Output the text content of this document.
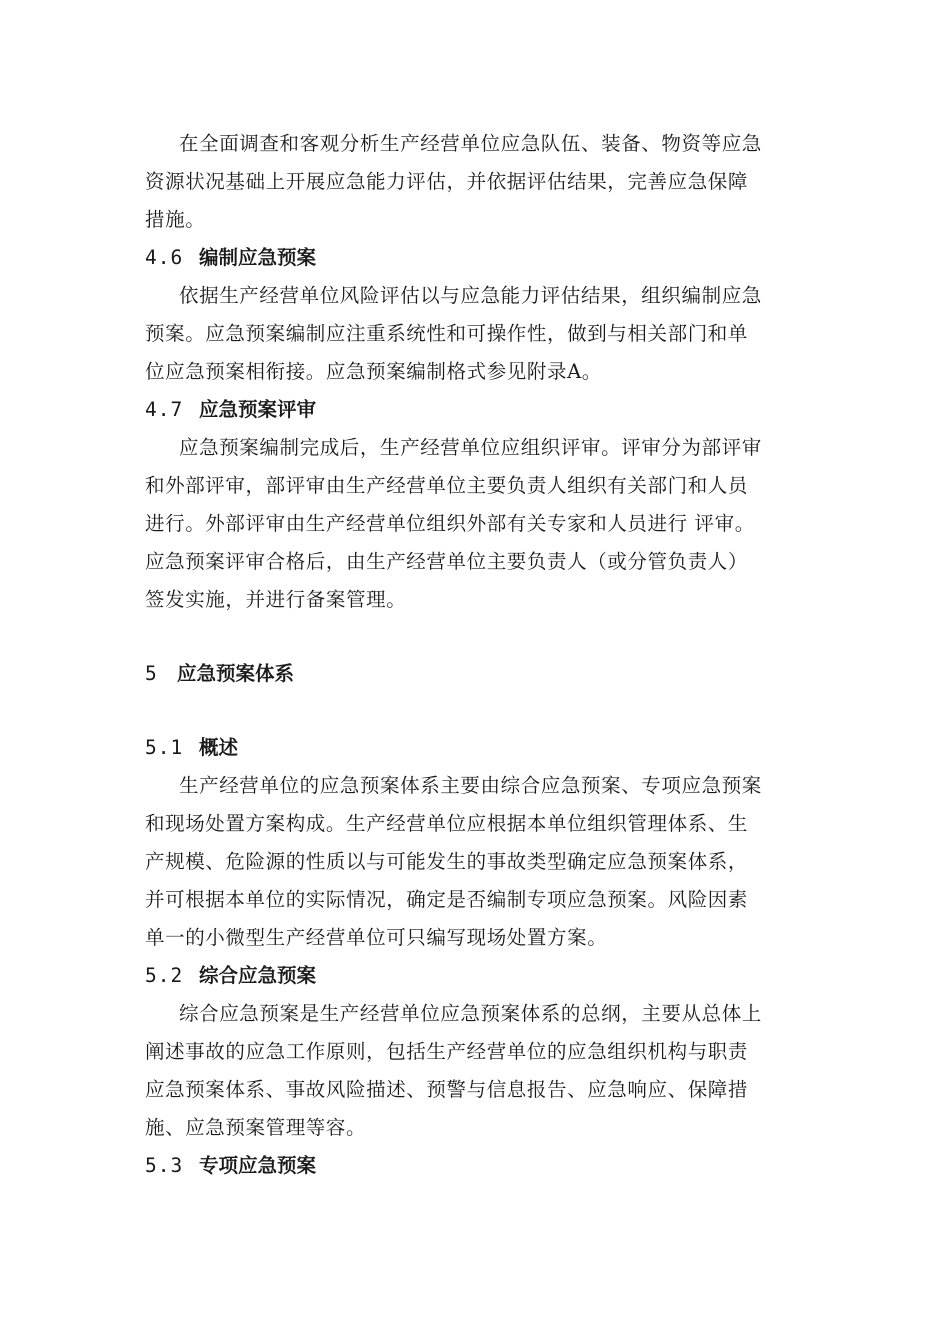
在全面调查和客观分析生产经营单位应急队伍、装备、物资等应急
资源状况基础上开展应急能力评估，并依据评估结果，完善应急保障
措施。
4.6 编制应急预案
依据生产经营单位风险评估以与应急能力评估结果，组织编制应急
预案。应急预案编制应注重系统性和可操作性，做到与相关部门和单
位应急预案相衔接。应急预案编制格式参见附录A。
4.7 应急预案评审
应急预案编制完成后，生产经营单位应组织评审。评审分为部评审
和外部评审，部评审由生产经营单位主要负责人组织有关部门和人员
进行。外部评审由生产经营单位组织外部有关专家和人员进行 评审。
应急预案评审合格后，由生产经营单位主要负责人（或分管负责人）
签发实施，并进行备案管理。
5 应急预案体系
5.1 概述
生产经营单位的应急预案体系主要由综合应急预案、专项应急预案
和现场处置方案构成。生产经营单位应根据本单位组织管理体系、生
产规模、危险源的性质以与可能发生的事故类型确定应急预案体系，
并可根据本单位的实际情况，确定是否编制专项应急预案。风险因素
单一的小微型生产经营单位可只编写现场处置方案。
5.2 综合应急预案
综合应急预案是生产经营单位应急预案体系的总纲，主要从总体上
阐述事故的应急工作原则，包括生产经营单位的应急组织机构与职责
应急预案体系、事故风险描述、预警与信息报告、应急响应、保障措
施、应急预案管理等容。
5.3 专项应急预案
